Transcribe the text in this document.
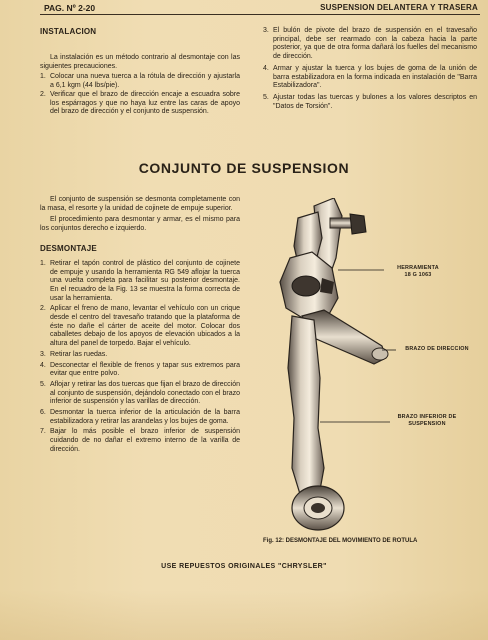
PAG. Nº 2-20	SUSPENSION DELANTERA Y TRASERA
INSTALACION

La instalación es un método contrario al desmontaje con las siguientes precauciones.

1. Colocar una nueva tuerca a la rótula de dirección y ajustarla a 6,1 kgm (44 lbs/pie).
2. Verificar que el brazo de dirección encaje a escuadra sobre los espárragos y que no haya luz entre las caras de apoyo del brazo de dirección y el conjunto de suspensión.
3. El bulón de pivote del brazo de suspensión en el travesaño principal, debe ser rearmado con la cabeza hacia la parte posterior, ya que de otra forma dañará los fuelles del mecanismo de dirección.
4. Armar y ajustar la tuerca y los bujes de goma de la unión de barra estabilizadora en la forma indicada en instalación de "Barra Estabilizadora".
5. Ajustar todas las tuercas y bulones a los valores descriptos en "Datos de Torsión".
CONJUNTO DE SUSPENSION

El conjunto de suspensión se desmonta completamente con la masa, el resorte y la unidad de cojinete de empuje superior.

El procedimiento para desmontar y armar, es el mismo para los conjuntos derecho e izquierdo.

DESMONTAJE
1. Retirar el tapón control de plástico del conjunto de cojinete de empuje y usando la herramienta RG 549 aflojar la tuerca una vuelta completa para facilitar su posterior desmontaje. En el recuadro de la Fig. 13 se muestra la forma correcta de usar la herramienta.
2. Aplicar el freno de mano, levantar el vehículo con un crique desde el centro del travesaño tratando que la plataforma de éste no dañe el cárter de aceite del motor. Colocar dos caballetes debajo de los apoyos de elevación ubicados a la altura del panel de torpedo. Bajar el vehículo.
3. Retirar las ruedas.
4. Desconectar el flexible de frenos y tapar sus extremos para evitar que entre polvo.
5. Aflojar y retirar las dos tuercas que fijan el brazo de dirección al conjunto de suspensión, dejándolo conectado con el brazo inferior de suspensión y las varillas de dirección.
6. Desmontar la tuerca inferior de la articulación de la barra estabilizadora y retirar las arandelas y los bujes de goma.
7. Bajar lo más posible el brazo inferior de suspensión cuidando de no dañar el extremo interno de la varilla de dirección.
HERRAMIENTA
18 G 1063
BRAZO DE DIRECCION
BRAZO INFERIOR DE SUSPENSION
Fig. 12: DESMONTAJE DEL MOVIMIENTO DE ROTULA
USE REPUESTOS ORIGINALES "CHRYSLER"
